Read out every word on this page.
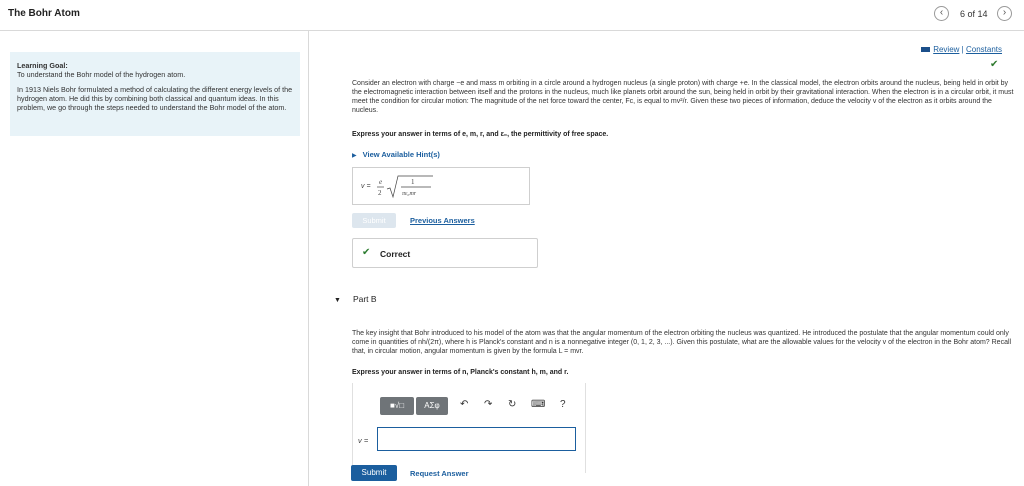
The Bohr Atom	‹	6 of 14	›

Learning Goal:
To understand the Bohr model of the hydrogen atom.

In 1913 Niels Bohr formulated a method of calculating the different energy levels of the hydrogen atom. He did this by combining both classical and quantum ideas. In this problem, we go through the steps needed to understand the Bohr model of the atom.

Review | Constants
✔
Consider an electron with charge −e and mass m orbiting in a circle around a hydrogen nucleus (a single proton) with charge +e. In the classical model, the electron orbits around the nucleus, being held in orbit by the electromagnetic interaction between itself and the protons in the nucleus, much like planets orbit around the sun, being held in orbit by their gravitational interaction. When the electron is in a circular orbit, it must meet the condition for circular motion: The magnitude of the net force toward the center, Fc, is equal to mv²/r. Given these two pieces of information, deduce the velocity v of the electron as it orbits around the nucleus.
Express your answer in terms of e, m, r, and ε₀, the permittivity of free space.
▶ View Available Hint(s)
v =
e
2
1
πε₀mr
Submit	Previous Answers
✔ Correct
▼ Part B
The key insight that Bohr introduced to his model of the atom was that the angular momentum of the electron orbiting the nucleus was quantized. He introduced the postulate that the angular momentum could only come in quantities of nh/(2π), where h is Planck's constant and n is a nonnegative integer (0, 1, 2, 3, ...). Given this postulate, what are the allowable values for the velocity v of the electron in the Bohr atom? Recall that, in circular motion, angular momentum is given by the formula L = mvr.
Express your answer in terms of n, Planck's constant h, m, and r.
■√□	ΑΣφ	↶ ↷ ↻ ⌨ ?
v =
Submit	Request Answer
